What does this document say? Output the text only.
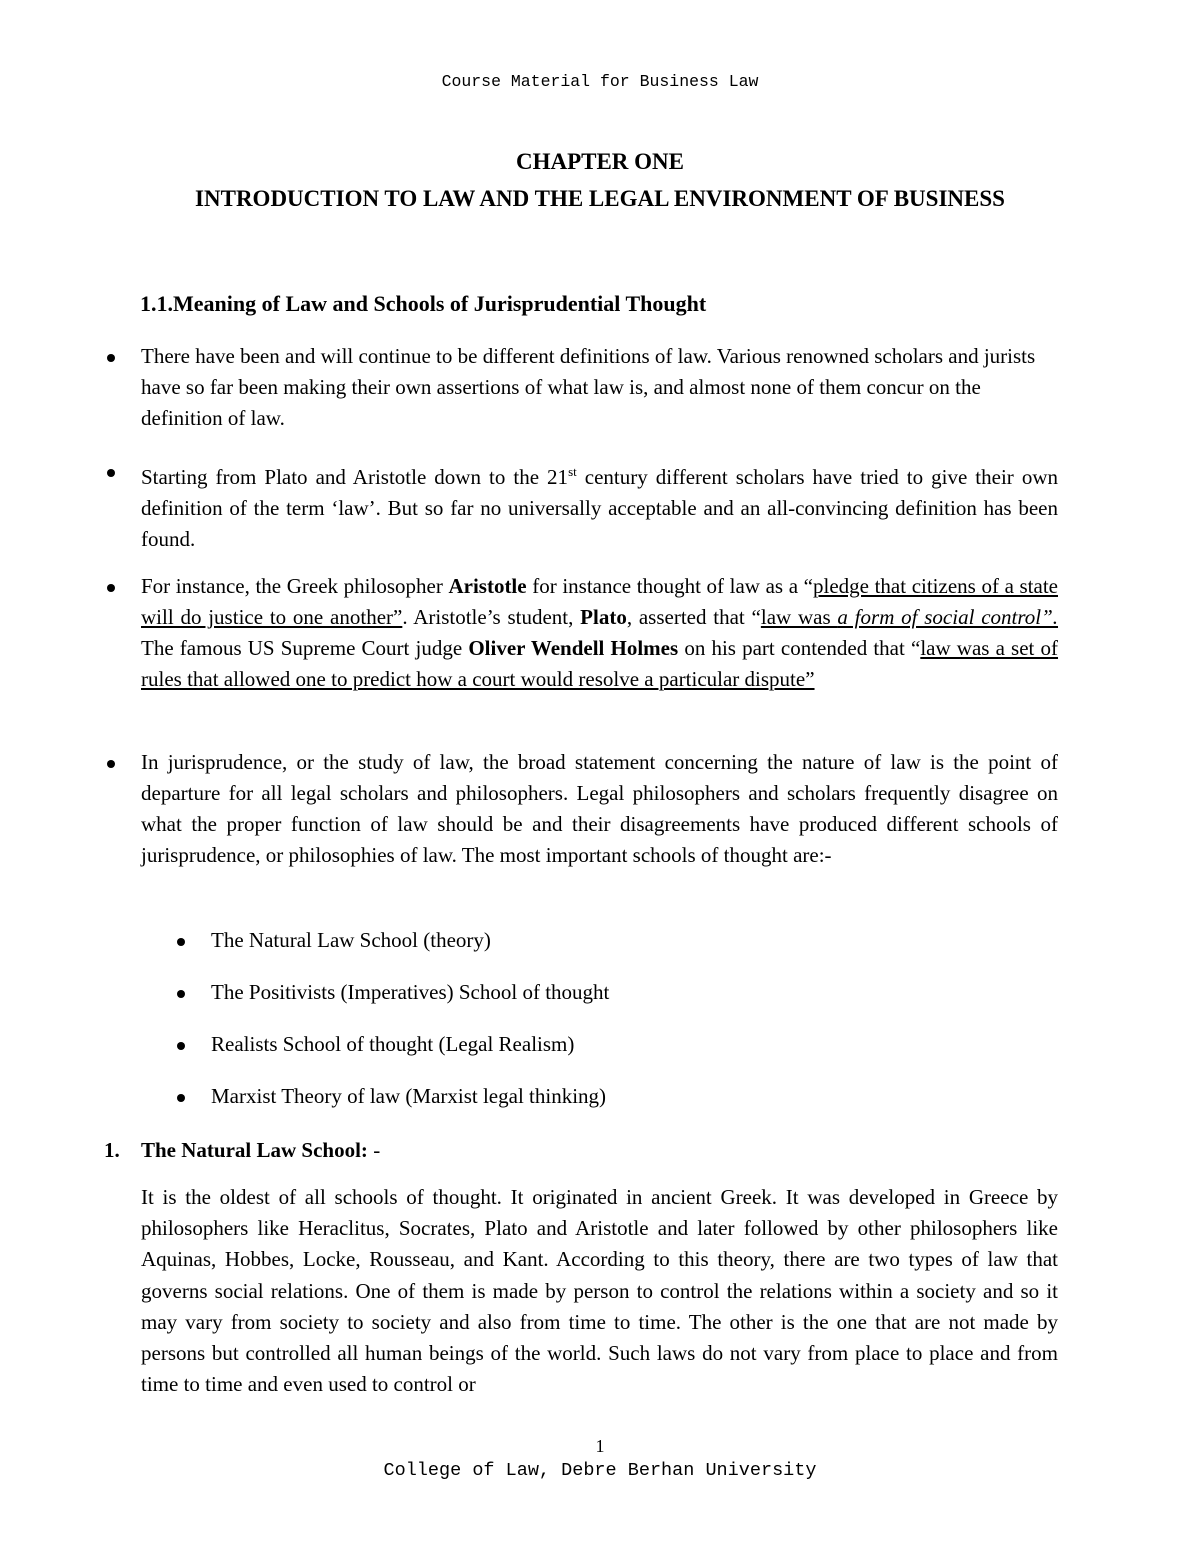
Course Material for Business Law
CHAPTER ONE
INTRODUCTION TO LAW AND THE LEGAL ENVIRONMENT OF BUSINESS
1.1.Meaning of Law and Schools of Jurisprudential Thought

There have been and will continue to be different definitions of law. Various renowned scholars and jurists have so far been making their own assertions of what law is, and almost none of them concur on the definition of law.

Starting from Plato and Aristotle down to the 21st century different scholars have tried to give their own definition of the term ‘law’. But so far no universally acceptable and an all-convincing definition has been found.

For instance, the Greek philosopher Aristotle for instance thought of law as a “pledge that citizens of a state will do justice to one another”. Aristotle’s student, Plato, asserted that “law was a form of social control”. The famous US Supreme Court judge Oliver Wendell Holmes on his part contended that “law was a set of rules that allowed one to predict how a court would resolve a particular dispute”

In jurisprudence, or the study of law, the broad statement concerning the nature of law is the point of departure for all legal scholars and philosophers. Legal philosophers and scholars frequently disagree on what the proper function of law should be and their disagreements have produced different schools of jurisprudence, or philosophies of law. The most important schools of thought are:-

The Natural Law School (theory)
The Positivists (Imperatives) School of thought
Realists School of thought (Legal Realism)
Marxist Theory of law (Marxist legal thinking)
1. The Natural Law School: -

It is the oldest of all schools of thought. It originated in ancient Greek. It was developed in Greece by philosophers like Heraclitus, Socrates, Plato and Aristotle and later followed by other philosophers like Aquinas, Hobbes, Locke, Rousseau, and Kant. According to this theory, there are two types of law that governs social relations. One of them is made by person to control the relations within a society and so it may vary from society to society and also from time to time. The other is the one that are not made by persons but controlled all human beings of the world. Such laws do not vary from place to place and from time to time and even used to control or

1
College of Law, Debre Berhan University
